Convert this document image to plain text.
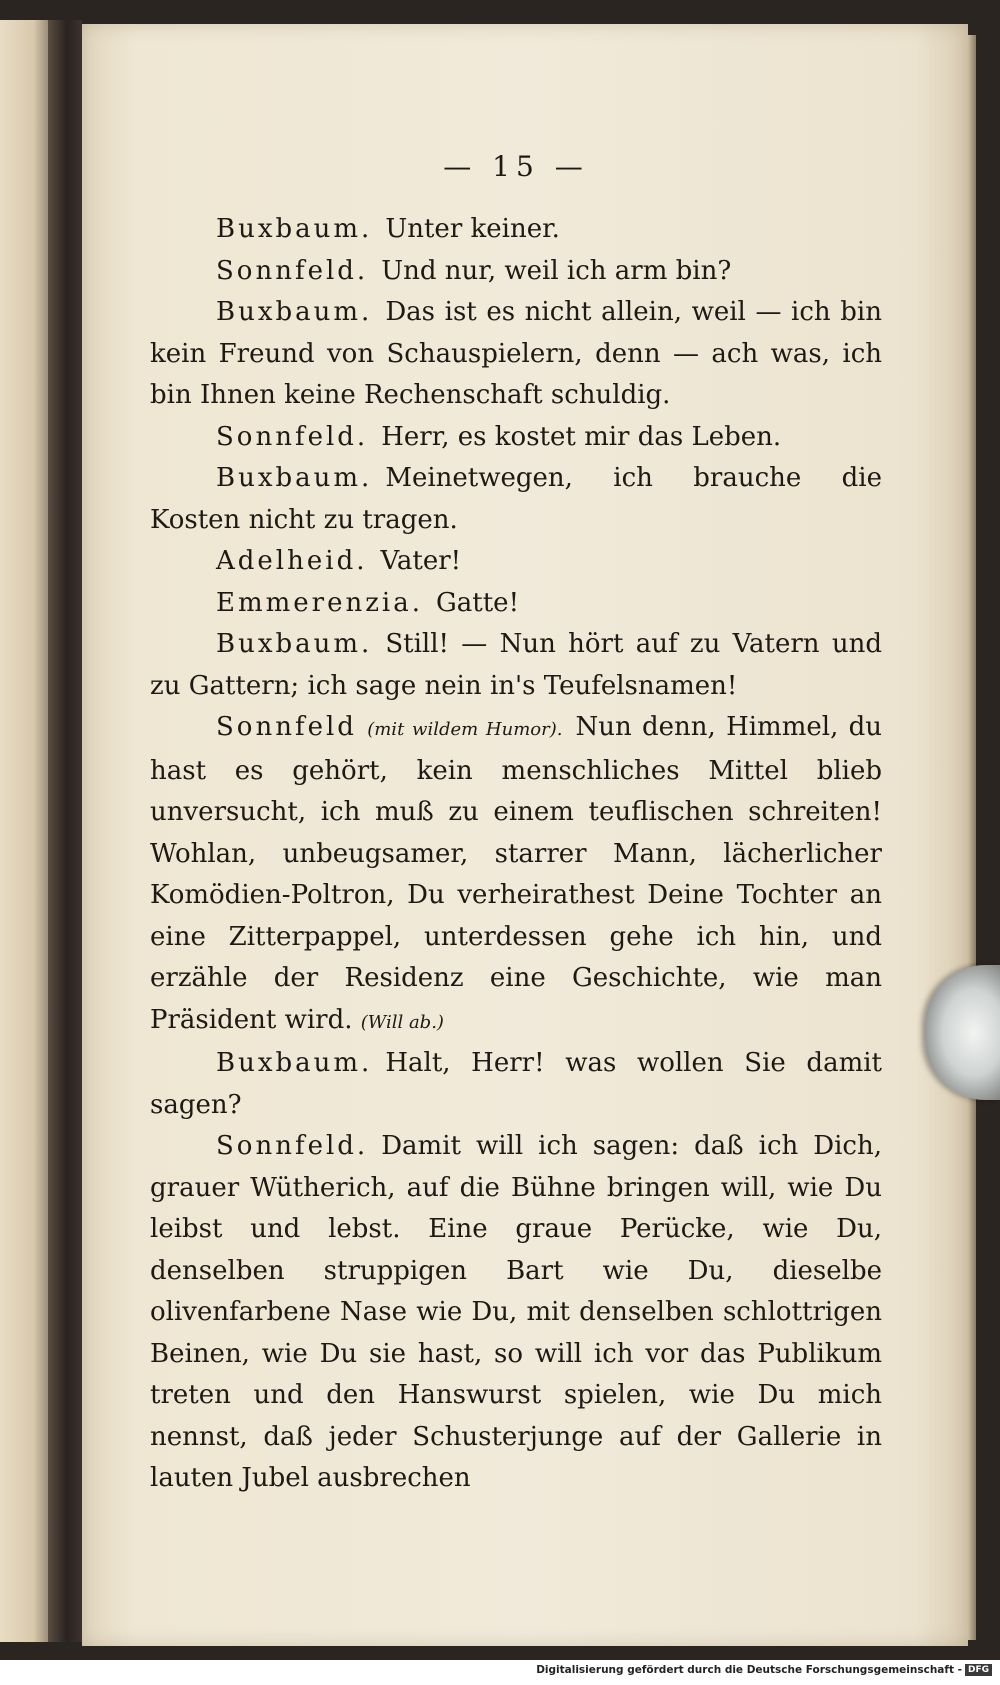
— 15 —

Buxbaum.  Unter keiner.

Sonnfeld.  Und nur, weil ich arm bin?

Buxbaum.  Das ist es nicht allein, weil — ich bin kein Freund von Schauspielern, denn — ach was, ich bin Ihnen keine Rechenschaft schuldig.

Sonnfeld.  Herr, es kostet mir das Leben.

Buxbaum.  Meinetwegen, ich brauche die Kosten nicht zu tragen.

Adelheid.  Vater!

Emmerenzia.  Gatte!

Buxbaum.  Still! — Nun hört auf zu Vatern und zu Gattern; ich sage nein in's Teufelsnamen!

Sonnfeld (mit wildem Humor).  Nun denn, Himmel, du hast es gehört, kein menschliches Mittel blieb unversucht, ich muß zu einem teuflischen schreiten! Wohlan, unbeugsamer, starrer Mann, lächerlicher Komödien-Poltron, Du verheirathest Deine Tochter an eine Zitterpappel, unterdessen gehe ich hin, und erzähle der Residenz eine Geschichte, wie man Präsident wird. (Will ab.)

Buxbaum.  Halt, Herr! was wollen Sie damit sagen?

Sonnfeld.  Damit will ich sagen: daß ich Dich, grauer Wütherich, auf die Bühne bringen will, wie Du leibst und lebst. Eine graue Perücke, wie Du, denselben struppigen Bart wie Du, dieselbe olivenfarbene Nase wie Du, mit denselben schlottrigen Beinen, wie Du sie hast, so will ich vor das Publikum treten und den Hanswurst spielen, wie Du mich nennst, daß jeder Schusterjunge auf der Gallerie in lauten Jubel ausbrechen

Digitalisierung gefördert durch die Deutsche Forschungsgemeinschaft - DFG
